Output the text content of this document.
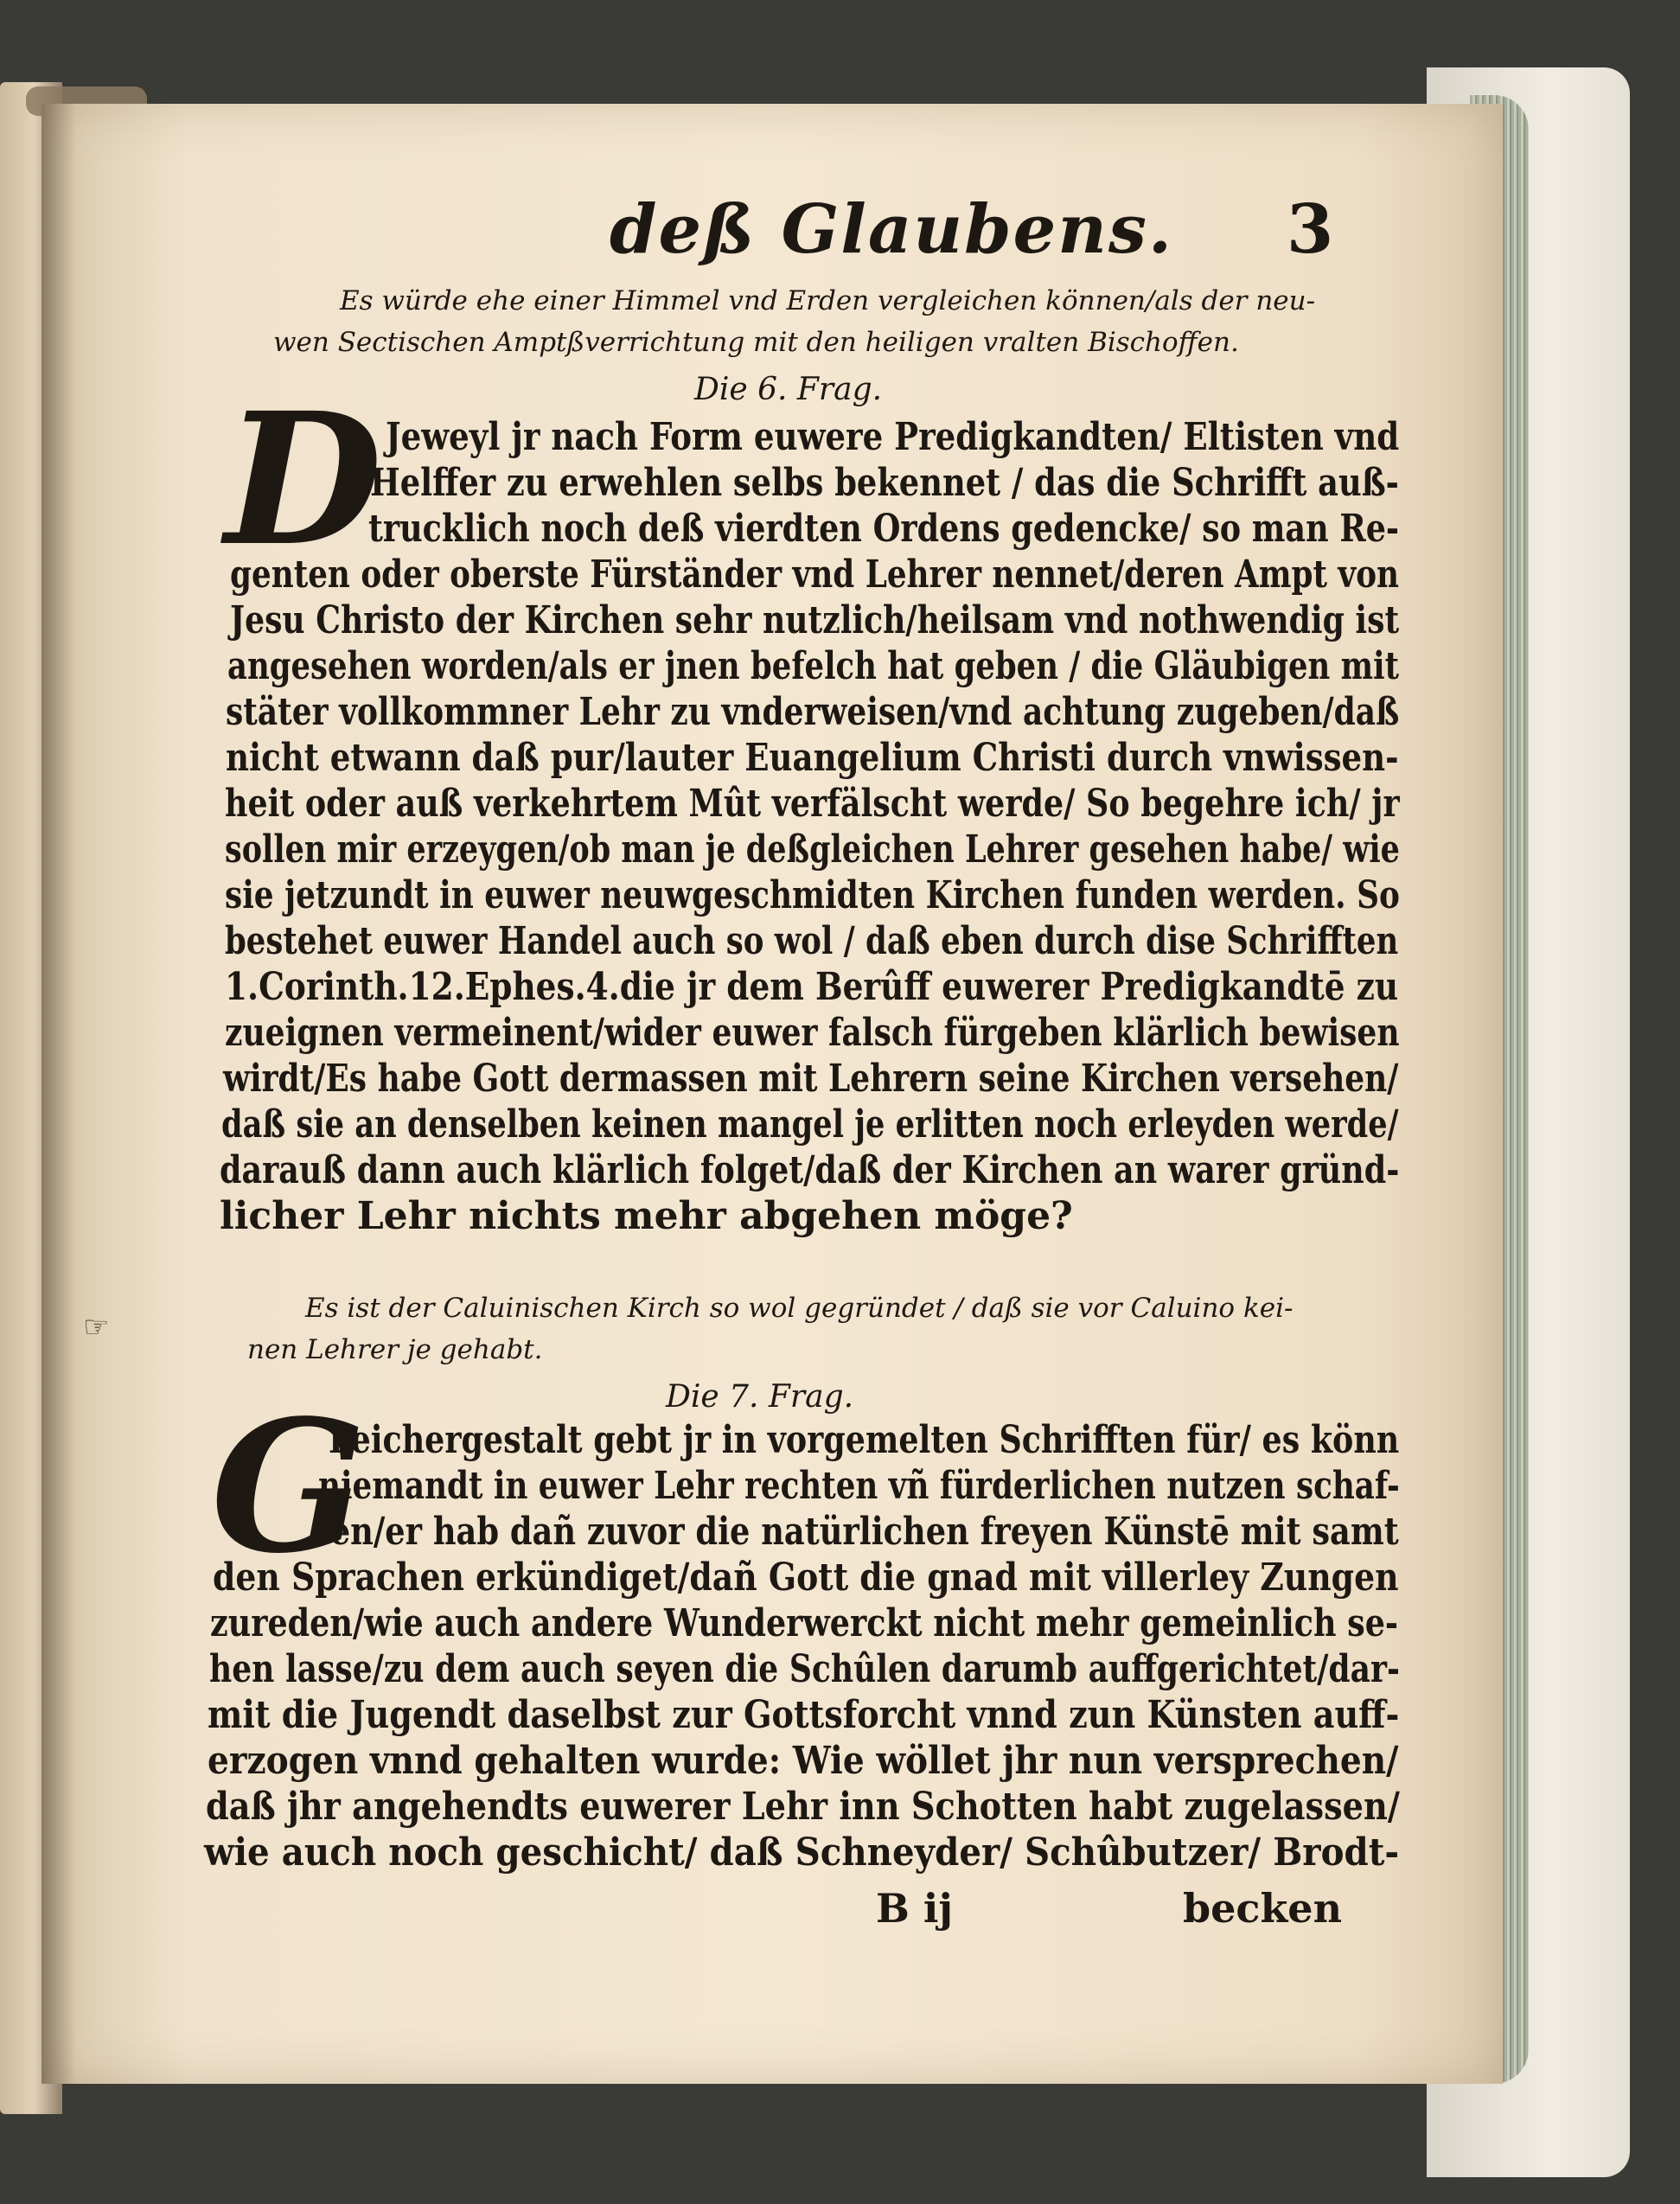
deß Glaubens. 3
Es würde ehe einer Himmel vnd Erden vergleichen können/als der neu-
wen Sectischen Amptßverrichtung mit den heiligen vralten Bischoffen.
Die 6. Frag.
D Jeweyl jr nach Form euwere Predigkandten/ Eltisten vnd
Helffer zu erwehlen selbs bekennet / das die Schrifft auß-
trucklich noch deß vierdten Ordens gedencke/ so man Re-
genten oder oberste Fürständer vnd Lehrer nennet/deren Ampt von
Jesu Christo der Kirchen sehr nutzlich/heilsam vnd nothwendig ist
angesehen worden/als er jnen befelch hat geben / die Gläubigen mit
stäter vollkommner Lehr zu vnderweisen/vnd achtung zugeben/daß
nicht etwann daß pur/lauter Euangelium Christi durch vnwissen-
heit oder auß verkehrtem Mût verfälscht werde/ So begehre ich/ jr
sollen mir erzeygen/ob man je deßgleichen Lehrer gesehen habe/ wie
sie jetzundt in euwer neuwgeschmidten Kirchen funden werden. So
bestehet euwer Handel auch so wol / daß eben durch dise Schrifften
1.Corinth.12.Ephes.4.die jr dem Berûff euwerer Predigkandtē zu
zueignen vermeinent/wider euwer falsch fürgeben klärlich bewisen
wirdt/Es habe Gott dermassen mit Lehrern seine Kirchen versehen/
daß sie an denselben keinen mangel je erlitten noch erleyden werde/
darauß dann auch klärlich folget/daß der Kirchen an warer gründ-
licher Lehr nichts mehr abgehen möge?
☞
Es ist der Caluinischen Kirch so wol gegründet / daß sie vor Caluino kei-
nen Lehrer je gehabt.
Die 7. Frag.
G
Leichergestalt gebt jr in vorgemelten Schrifften für/ es könn
niemandt in euwer Lehr rechten vñ fürderlichen nutzen schaf-
fen/er hab dañ zuvor die natürlichen freyen Künstē mit samt
den Sprachen erkündiget/dañ Gott die gnad mit villerley Zungen
zureden/wie auch andere Wunderwerckt nicht mehr gemeinlich se-
hen lasse/zu dem auch seyen die Schûlen darumb auffgerichtet/dar-
mit die Jugendt daselbst zur Gottsforcht vnnd zun Künsten auff-
erzogen vnnd gehalten wurde: Wie wöllet jhr nun versprechen/
daß jhr angehendts euwerer Lehr inn Schotten habt zugelassen/
wie auch noch geschicht/ daß Schneyder/ Schûbutzer/ Brodt-
B ij	becken
